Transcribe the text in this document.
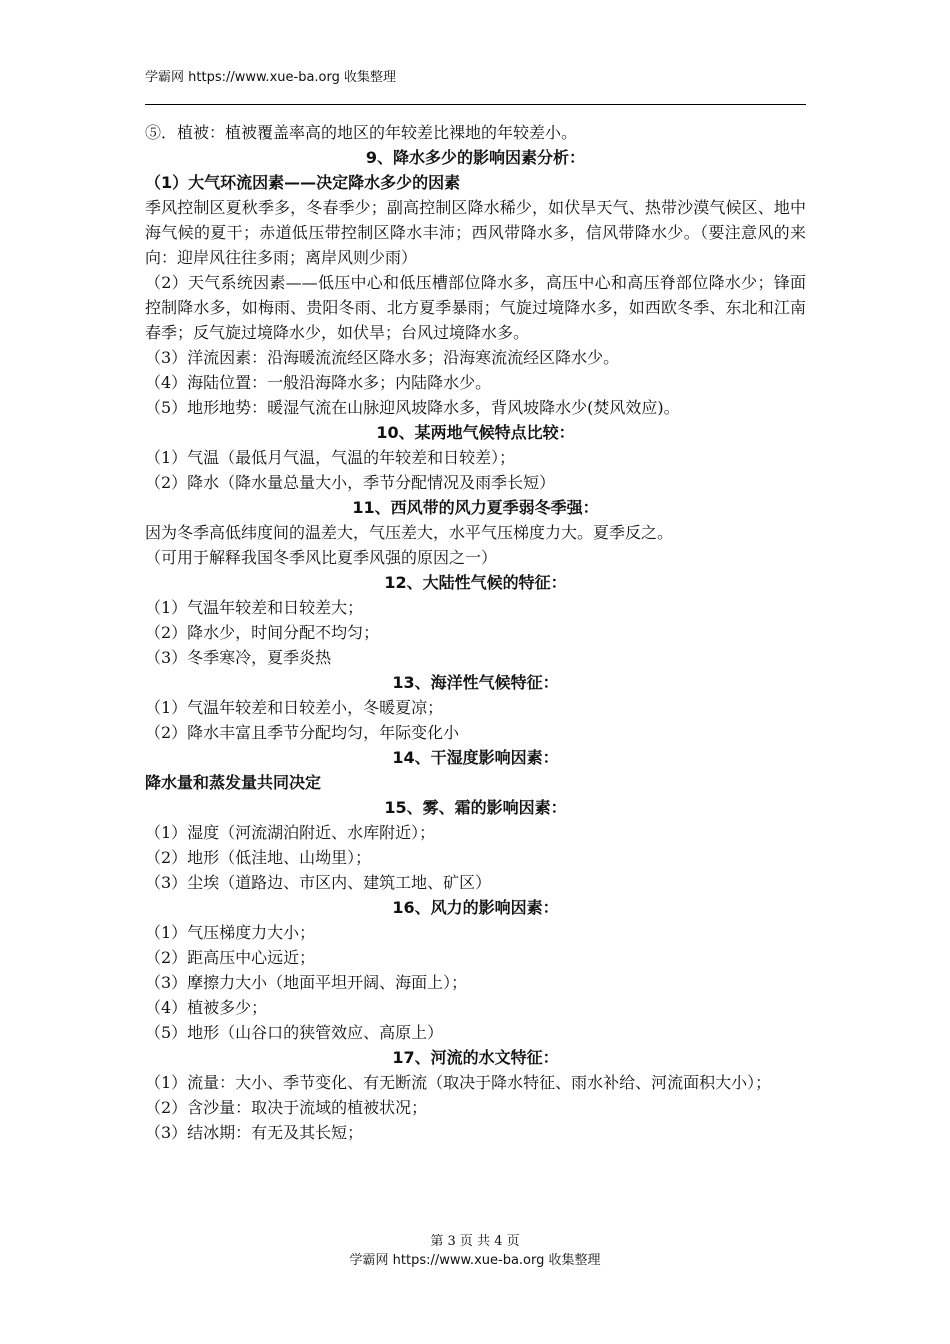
学霸网 https://www.xue-ba.org 收集整理
⑤．植被：植被覆盖率高的地区的年较差比裸地的年较差小。
9、降水多少的影响因素分析：
（1）大气环流因素——决定降水多少的因素
季风控制区夏秋季多，冬春季少；副高控制区降水稀少，如伏旱天气、热带沙漠气候区、地中海气候的夏干；赤道低压带控制区降水丰沛；西风带降水多，信风带降水少。（要注意风的来向：迎岸风往往多雨；离岸风则少雨）
（2）天气系统因素——低压中心和低压槽部位降水多，高压中心和高压脊部位降水少；锋面控制降水多，如梅雨、贵阳冬雨、北方夏季暴雨；气旋过境降水多，如西欧冬季、东北和江南春季；反气旋过境降水少，如伏旱；台风过境降水多。
（3）洋流因素：沿海暖流流经区降水多；沿海寒流流经区降水少。
（4）海陆位置：一般沿海降水多；内陆降水少。
（5）地形地势：暖湿气流在山脉迎风坡降水多，背风坡降水少(焚风效应)。
10、某两地气候特点比较：
（1）气温（最低月气温，气温的年较差和日较差）；
（2）降水（降水量总量大小，季节分配情况及雨季长短）
11、西风带的风力夏季弱冬季强：
因为冬季高低纬度间的温差大，气压差大，水平气压梯度力大。夏季反之。
（可用于解释我国冬季风比夏季风强的原因之一）
12、大陆性气候的特征：
（1）气温年较差和日较差大；
（2）降水少，时间分配不均匀；
（3）冬季寒冷，夏季炎热
13、海洋性气候特征：
（1）气温年较差和日较差小，冬暖夏凉；
（2）降水丰富且季节分配均匀，年际变化小
14、干湿度影响因素：
降水量和蒸发量共同决定
15、雾、霜的影响因素：
（1）湿度（河流湖泊附近、水库附近）；
（2）地形（低洼地、山坳里）；
（3）尘埃（道路边、市区内、建筑工地、矿区）
16、风力的影响因素：
（1）气压梯度力大小；
（2）距高压中心远近；
（3）摩擦力大小（地面平坦开阔、海面上）；
（4）植被多少；
（5）地形（山谷口的狭管效应、高原上）
17、河流的水文特征：
（1）流量：大小、季节变化、有无断流（取决于降水特征、雨水补给、河流面积大小）；
（2）含沙量：取决于流域的植被状况；
（3）结冰期：有无及其长短；
第 3 页 共 4 页
学霸网 https://www.xue-ba.org 收集整理
